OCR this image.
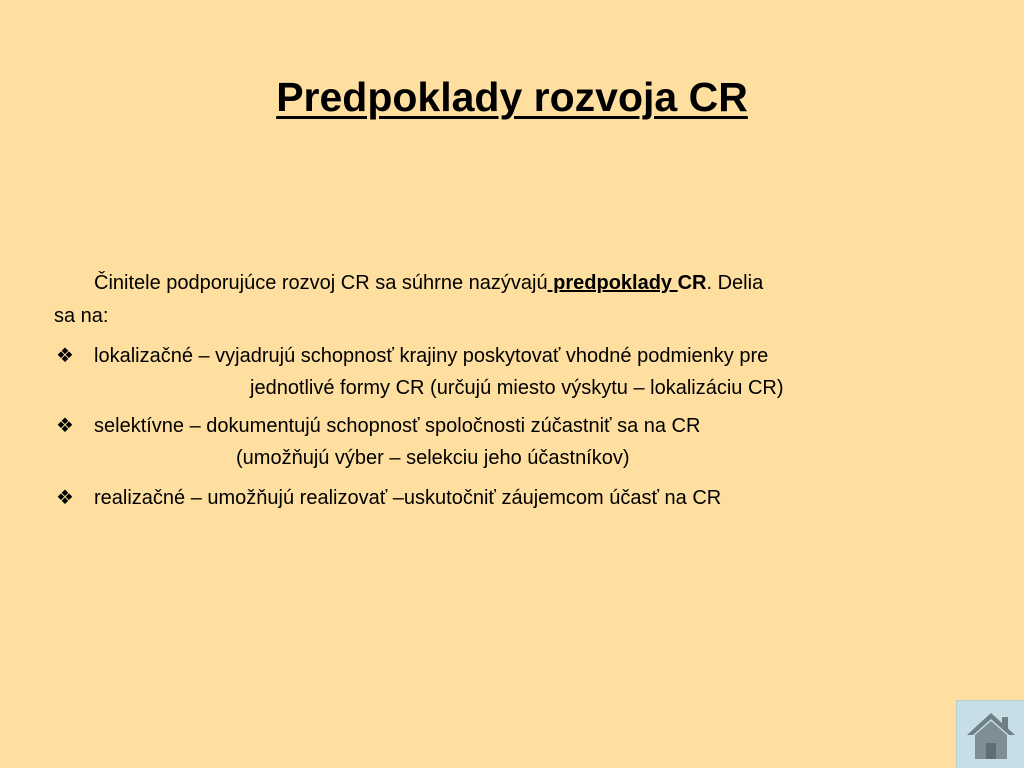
Predpoklady rozvoja CR
Činitele podporujúce rozvoj CR sa súhrne nazývajú predpoklady CR. Delia
sa na:
❖ lokalizačné – vyjadrujú schopnosť krajiny poskytovať vhodné podmienky pre
jednotlivé formy CR (určujú miesto výskytu – lokalizáciu CR)
❖ selektívne – dokumentujú schopnosť spoločnosti zúčastniť sa na CR
(umožňujú výber – selekciu jeho účastníkov)
❖ realizačné – umožňujú realizovať –uskutočniť záujemcom účasť na CR
